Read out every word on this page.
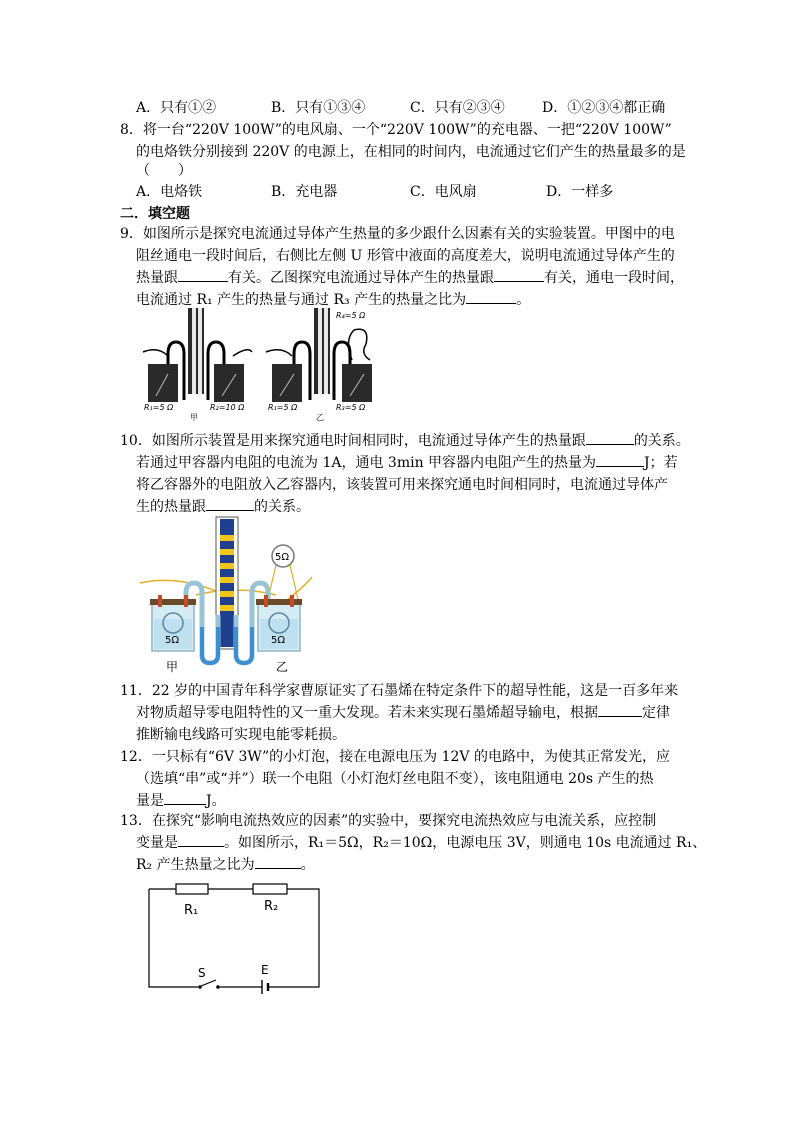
A．只有①②	B．只有①③④	C．只有②③④	D．①②③④都正确
8．将一台“220V 100W”的电风扇、一个“220V 100W”的充电器、一把“220V 100W”
的电烙铁分别接到 220V 的电源上，在相同的时间内，电流通过它们产生的热量最多的是
（　　）
A．电烙铁	B．充电器	C．电风扇	D．一样多
二．填空题
9．如图所示是探究电流通过导体产生热量的多少跟什么因素有关的实验装置。甲图中的电
阻丝通电一段时间后，右侧比左侧 U 形管中液面的高度差大，说明电流通过导体产生的
热量跟	有关。乙图探究电流通过导体产生的热量跟	有关，通电一段时间，
电流通过 R₁ 产生的热量与通过 R₃ 产生的热量之比为	。
R₁=5 Ω	R₂=10 Ω
甲
R₄=5 Ω
R₁=5 Ω	R₃=5 Ω
乙
10．如图所示装置是用来探究通电时间相同时，电流通过导体产生的热量跟	的关系。
若通过甲容器内电阻的电流为 1A，通电 3min 甲容器内电阻产生的热量为	J；若
将乙容器外的电阻放入乙容器内，该装置可用来探究通电时间相同时，电流通过导体产
生的热量跟	的关系。
5Ω	5Ω
5Ω
甲	乙
11．22 岁的中国青年科学家曹原证实了石墨烯在特定条件下的超导性能，这是一百多年来
对物质超导零电阻特性的又一重大发现。若未来实现石墨烯超导输电，根据	定律
推断输电线路可实现电能零耗损。
12．一只标有“6V 3W”的小灯泡，接在电源电压为 12V 的电路中，为使其正常发光，应
（选填“串”或“并”）联一个电阻（小灯泡灯丝电阻不变），该电阻通电 20s 产生的热
量是	J。
13．在探究“影响电流热效应的因素”的实验中，要探究电流热效应与电流关系，应控制
变量是	。如图所示，R₁＝5Ω，R₂＝10Ω，电源电压 3V，则通电 10s 电流通过 R₁、
R₂ 产生热量之比为	。
R₁	R₂
S	E
